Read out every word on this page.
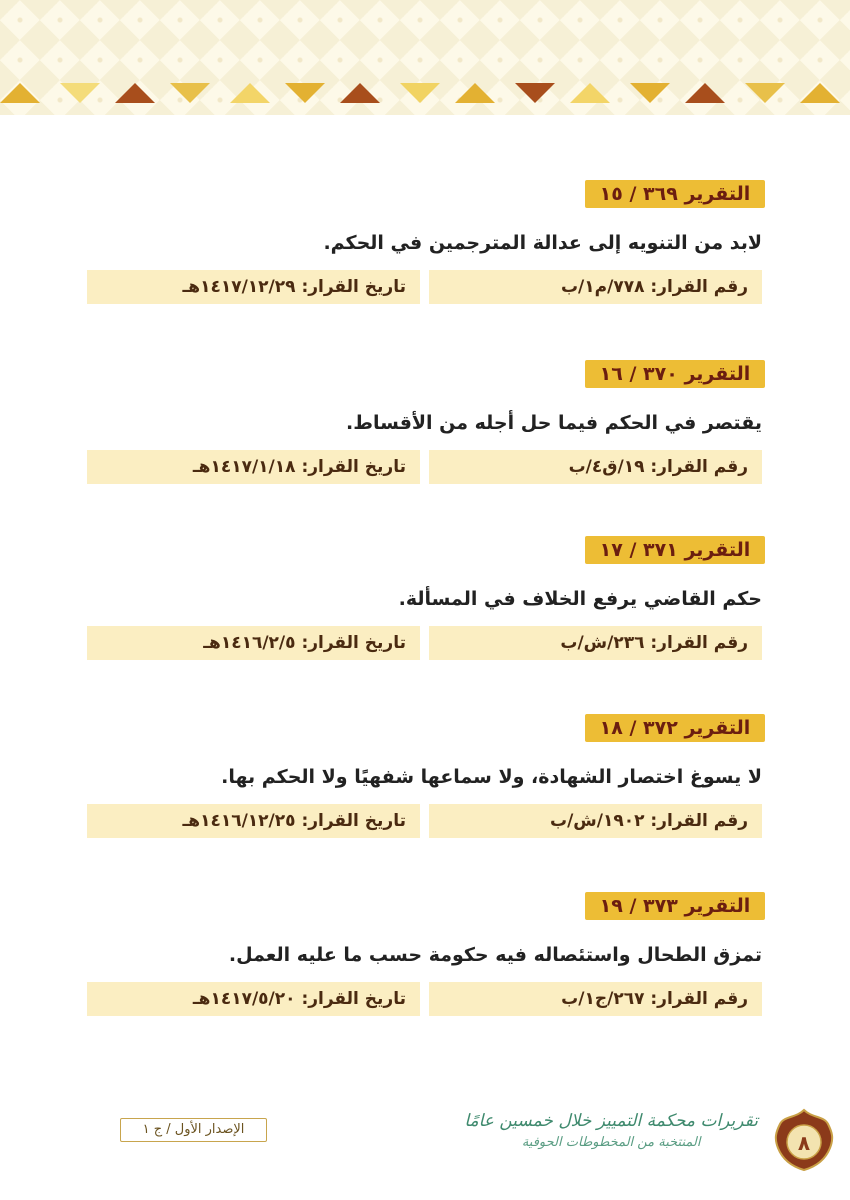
التقرير ٣٦٩ / ١٥
لابد من التنويه إلى عدالة المترجمين في الحكم.
رقم القرار: ٧٧٨/م١/ب
تاريخ القرار: ١٤١٧/١٢/٢٩هـ
التقرير ٣٧٠ / ١٦
يقتصر في الحكم فيما حل أجله من الأقساط.
رقم القرار: ١٩/ق٤/ب
تاريخ القرار: ١٤١٧/١/١٨هـ
التقرير ٣٧١ / ١٧
حكم القاضي يرفع الخلاف في المسألة.
رقم القرار: ٢٣٦/ش/ب
تاريخ القرار: ١٤١٦/٢/٥هـ
التقرير ٣٧٢ / ١٨
لا يسوغ اختصار الشهادة، ولا سماعها شفهيًا ولا الحكم بها.
رقم القرار: ١٩٠٢/ش/ب
تاريخ القرار: ١٤١٦/١٢/٢٥هـ
التقرير ٣٧٣ / ١٩
تمزق الطحال واستئصاله فيه حكومة حسب ما عليه العمل.
رقم القرار: ٢٦٧/ج١/ب
تاريخ القرار: ١٤١٧/٥/٢٠هـ
٨
تقريرات محكمة التمييز خلال خمسين عامًا
المنتخبة من المخطوطات الحوفية
الإصدار الأول / ج ١
